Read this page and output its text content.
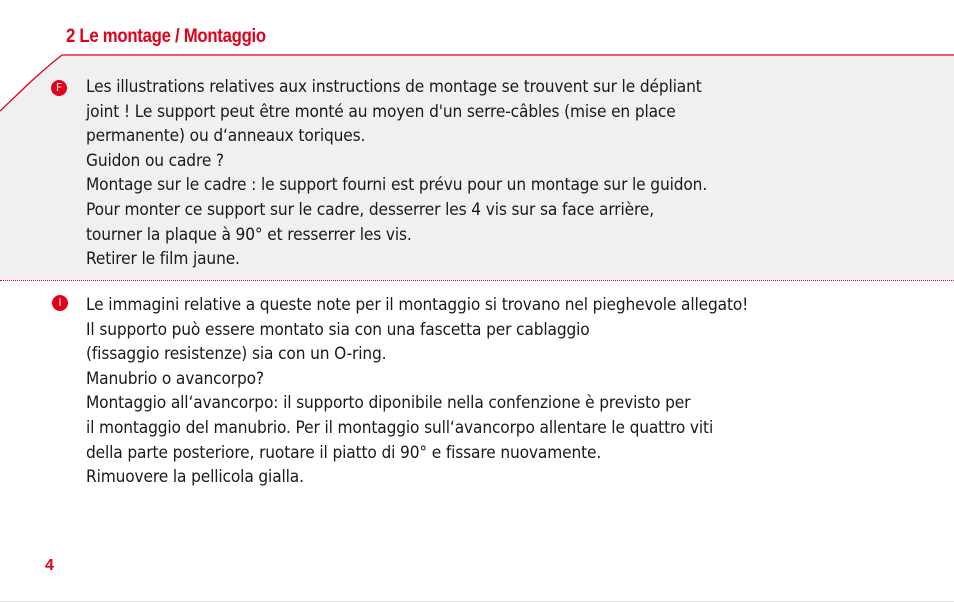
2 Le montage / Montaggio
F Les illustrations relatives aux instructions de montage se trouvent sur le dépliant
joint ! Le support peut être monté au moyen d'un serre-câbles (mise en place
permanente) ou d‘anneaux toriques.
Guidon ou cadre ?
Montage sur le cadre : le support fourni est prévu pour un montage sur le guidon.
Pour monter ce support sur le cadre, desserrer les 4 vis sur sa face arrière,
tourner la plaque à 90° et resserrer les vis.
Retirer le film jaune.
I	Le immagini relative a queste note per il montaggio si trovano nel pieghevole allegato!
Il supporto può essere montato sia con una fascetta per cablaggio
(fissaggio resistenze) sia con un O-ring.
Manubrio o avancorpo?
Montaggio all‘avancorpo: il supporto diponibile nella confenzione è previsto per
il montaggio del manubrio. Per il montaggio sull‘avancorpo allentare le quattro viti
della parte posteriore, ruotare il piatto di 90° e fissare nuovamente.
Rimuovere la pellicola gialla.
4
